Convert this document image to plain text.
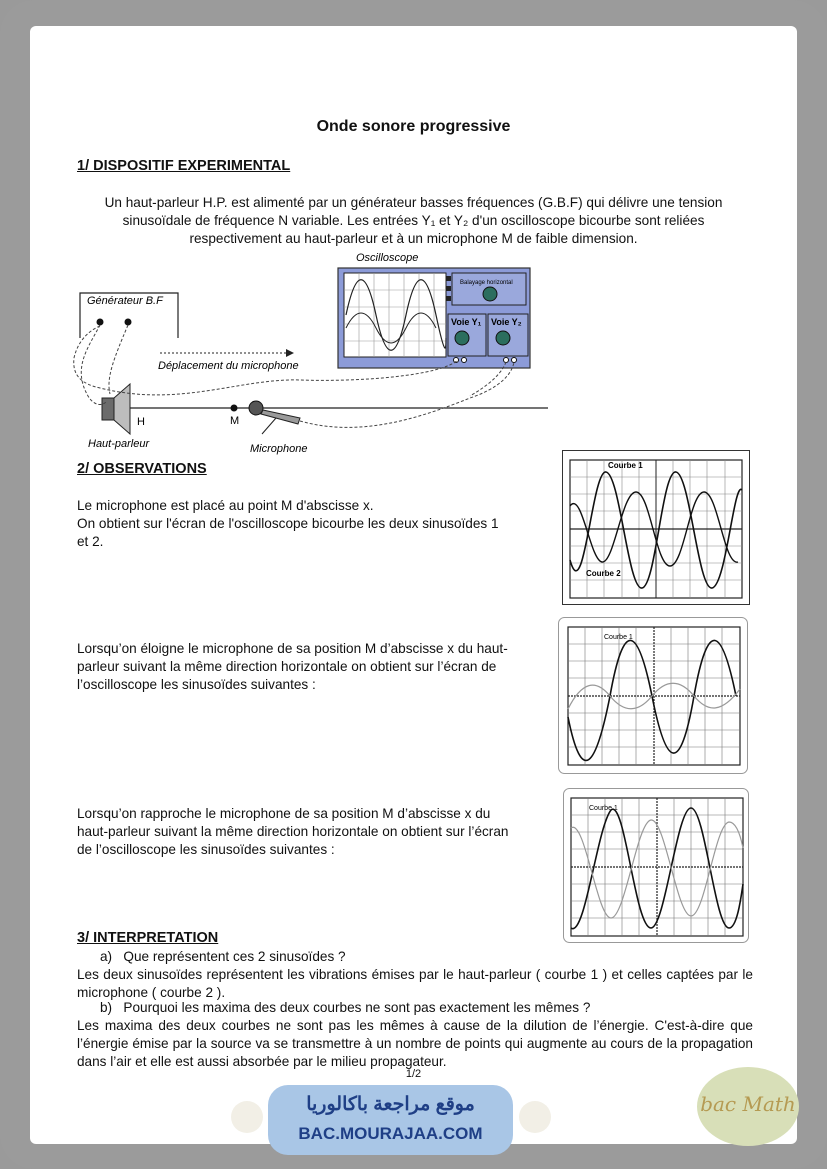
Onde sonore progressive
1/ DISPOSITIF EXPERIMENTAL
Un haut-parleur H.P. est alimenté par un générateur basses fréquences (G.B.F) qui délivre une tension
sinusoïdale de fréquence N variable. Les entrées Y₁ et Y₂ d'un oscilloscope bicourbe sont reliées
respectivement au haut-parleur et à un microphone M de faible dimension.
Oscilloscope
Balayage horizontal
Voie Y₁ Voie Y₂
Générateur B.F
Déplacement du microphone
H
Haut-parleur
M
Microphone
2/ OBSERVATIONS
Le microphone est placé au point M d'abscisse x.
On obtient sur l'écran de l'oscilloscope bicourbe les deux sinusoïdes 1
et 2.
Lorsqu’on éloigne le microphone de sa position M d’abscisse x du haut-
parleur suivant la même direction horizontale on obtient sur l’écran de
l’oscilloscope les sinusoïdes suivantes :
Lorsqu’on rapproche le microphone de sa position M d’abscisse x du
haut-parleur suivant la même direction horizontale on obtient sur l’écran
de l’oscilloscope les sinusoïdes suivantes :
Courbe 1
Courbe 2
Courbe 1
Courbe 1
3/ INTERPRETATION
a)   Que représentent ces 2 sinusoïdes ?
Les deux sinusoïdes représentent les vibrations émises par le haut-parleur ( courbe 1 ) et celles captées par le microphone ( courbe 2 ).
b)   Pourquoi les maxima des deux courbes ne sont pas exactement les mêmes ?
Les maxima des deux courbes ne sont pas les mêmes à cause de la dilution de l’énergie. C'est-à-dire que l’énergie émise par la source va se transmettre à un nombre de points qui augmente au cours de la propagation dans l’air et elle est aussi absorbée par le milieu propagateur.
1/2
موقع مراجعة باكالوريا
BAC.MOURAJAA.COM
bac Math
